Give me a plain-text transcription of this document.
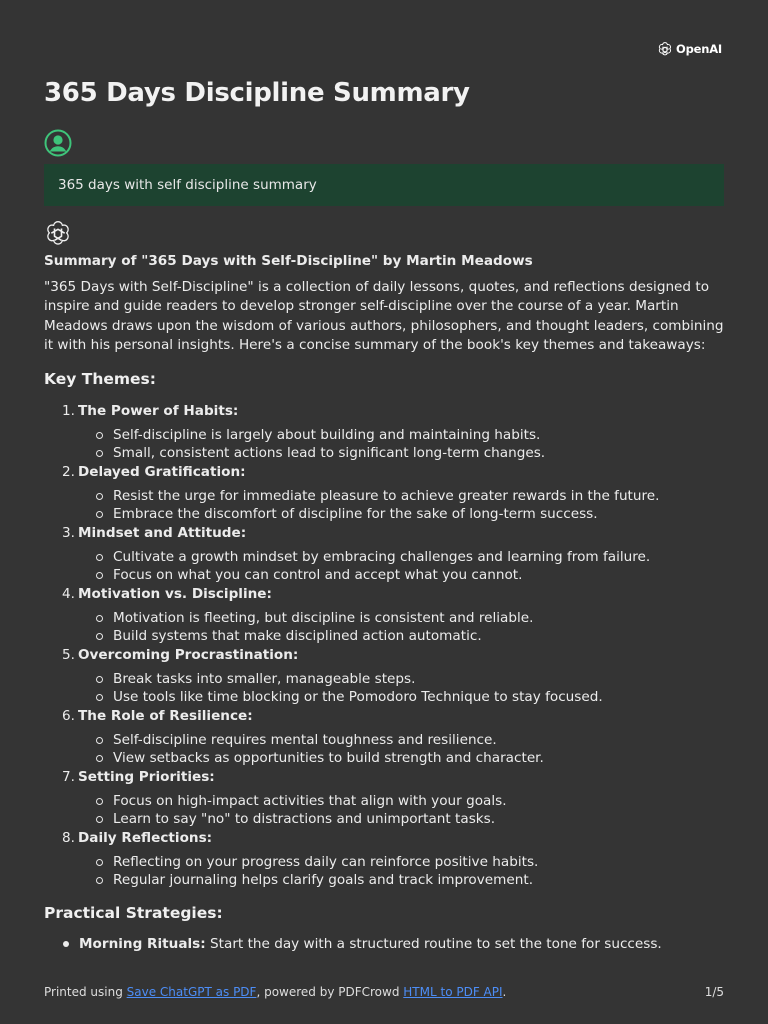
OpenAI
365 Days Discipline Summary
365 days with self discipline summary

Summary of "365 Days with Self-Discipline" by Martin Meadows

"365 Days with Self-Discipline" is a collection of daily lessons, quotes, and reflections designed to inspire and guide readers to develop stronger self-discipline over the course of a year. Martin Meadows draws upon the wisdom of various authors, philosophers, and thought leaders, combining it with his personal insights. Here's a concise summary of the book's key themes and takeaways:

Key Themes:
1. The Power of Habits:
Self-discipline is largely about building and maintaining habits.
Small, consistent actions lead to significant long-term changes.
2. Delayed Gratification:
Resist the urge for immediate pleasure to achieve greater rewards in the future.
Embrace the discomfort of discipline for the sake of long-term success.
3. Mindset and Attitude:
Cultivate a growth mindset by embracing challenges and learning from failure.
Focus on what you can control and accept what you cannot.
4. Motivation vs. Discipline:
Motivation is fleeting, but discipline is consistent and reliable.
Build systems that make disciplined action automatic.
5. Overcoming Procrastination:
Break tasks into smaller, manageable steps.
Use tools like time blocking or the Pomodoro Technique to stay focused.
6. The Role of Resilience:
Self-discipline requires mental toughness and resilience.
View setbacks as opportunities to build strength and character.
7. Setting Priorities:
Focus on high-impact activities that align with your goals.
Learn to say "no" to distractions and unimportant tasks.
8. Daily Reflections:
Reflecting on your progress daily can reinforce positive habits.
Regular journaling helps clarify goals and track improvement.
Practical Strategies:
Morning Rituals: Start the day with a structured routine to set the tone for success.
Printed using Save ChatGPT as PDF, powered by PDFCrowd HTML to PDF API.	1/5
